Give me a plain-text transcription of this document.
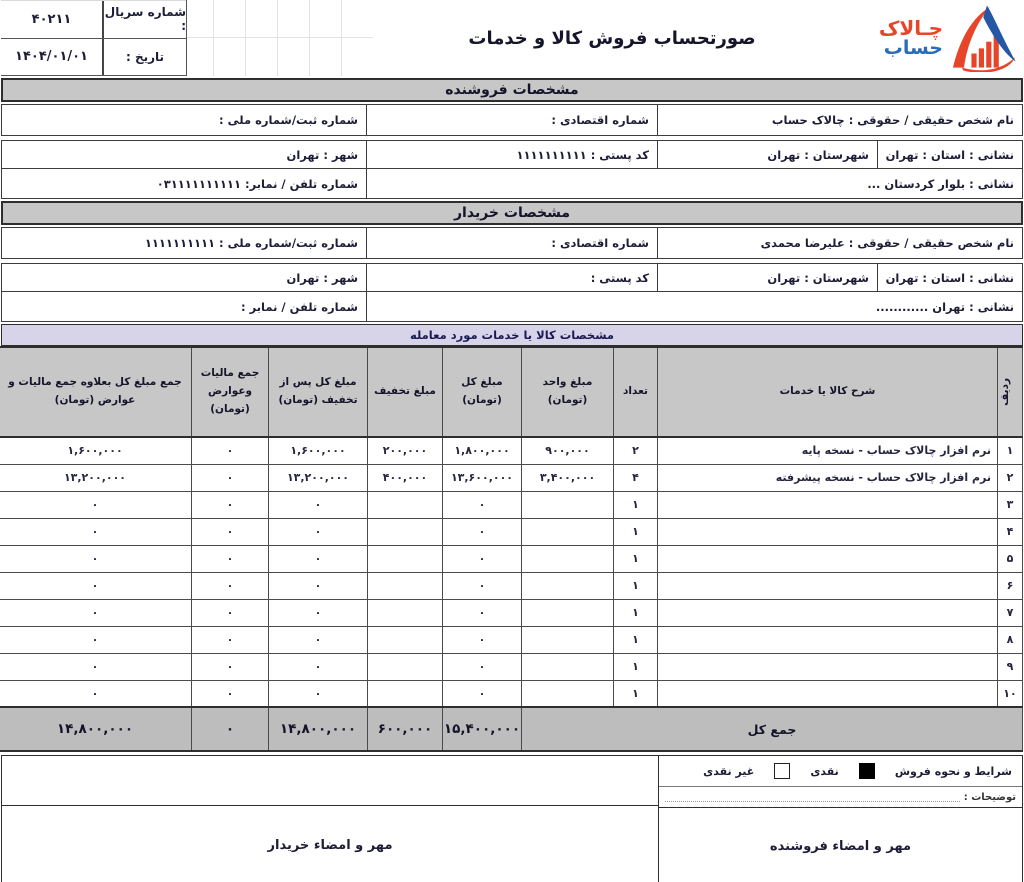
چـالاک
حساب
صورتحساب فروش کالا و خدمات
شماره سریال :
۴۰۲۱۱
تاریخ :
۱۴۰۴/۰۱/۰۱
مشخصات فروشنده
نام شخص حقیقی / حقوقی : چالاک حساب
شماره اقتصادی :
شماره ثبت/شماره ملی :
نشانی : استان : تهران
شهرستان : تهران
کد پستی : ۱۱۱۱۱۱۱۱۱۱
شهر : تهران
نشانی : بلوار کردستان ...
شماره تلفن / نمابر: ۰۳۱۱۱۱۱۱۱۱۱۱
مشخصات خریدار
نام شخص حقیقی / حقوقی : علیرضا محمدی
شماره اقتصادی :
شماره ثبت/شماره ملی : ۱۱۱۱۱۱۱۱۱۱
نشانی : استان : تهران
شهرستان : تهران
کد پستی :
شهر : تهران
نشانی : تهران ............
شماره تلفن / نمابر :
مشخصات کالا یا خدمات مورد معامله
ردیف	شرح کالا یا خدمات	تعداد	مبلغ واحد (تومان)	مبلغ کل (تومان)	مبلغ تخفیف	مبلغ کل پس از تخفیف (تومان)	جمع مالیات وعوارض (تومان)	جمع مبلغ کل بعلاوه جمع مالیات و عوارض (تومان)
۱	نرم افزار چالاک حساب - نسخه پایه	۲	۹۰۰,۰۰۰	۱,۸۰۰,۰۰۰	۲۰۰,۰۰۰	۱,۶۰۰,۰۰۰	۰	۱,۶۰۰,۰۰۰
۲	نرم افزار چالاک حساب - نسخه پیشرفته	۴	۳,۴۰۰,۰۰۰	۱۳,۶۰۰,۰۰۰	۴۰۰,۰۰۰	۱۳,۲۰۰,۰۰۰	۰	۱۳,۲۰۰,۰۰۰
۳		۱		۰		۰	۰	۰
۴		۱		۰		۰	۰	۰
۵		۱		۰		۰	۰	۰
۶		۱		۰		۰	۰	۰
۷		۱		۰		۰	۰	۰
۸		۱		۰		۰	۰	۰
۹		۱		۰		۰	۰	۰
۱۰		۱		۰		۰	۰	۰
جمع کل				۱۵,۴۰۰,۰۰۰	۶۰۰,۰۰۰	۱۴,۸۰۰,۰۰۰	۰	۱۴,۸۰۰,۰۰۰
شرایط و نحوه فروش
نقدی
غیر نقدی
توضیحات :
مهر و امضاء فروشنده
مهر و امضاء خریدار
